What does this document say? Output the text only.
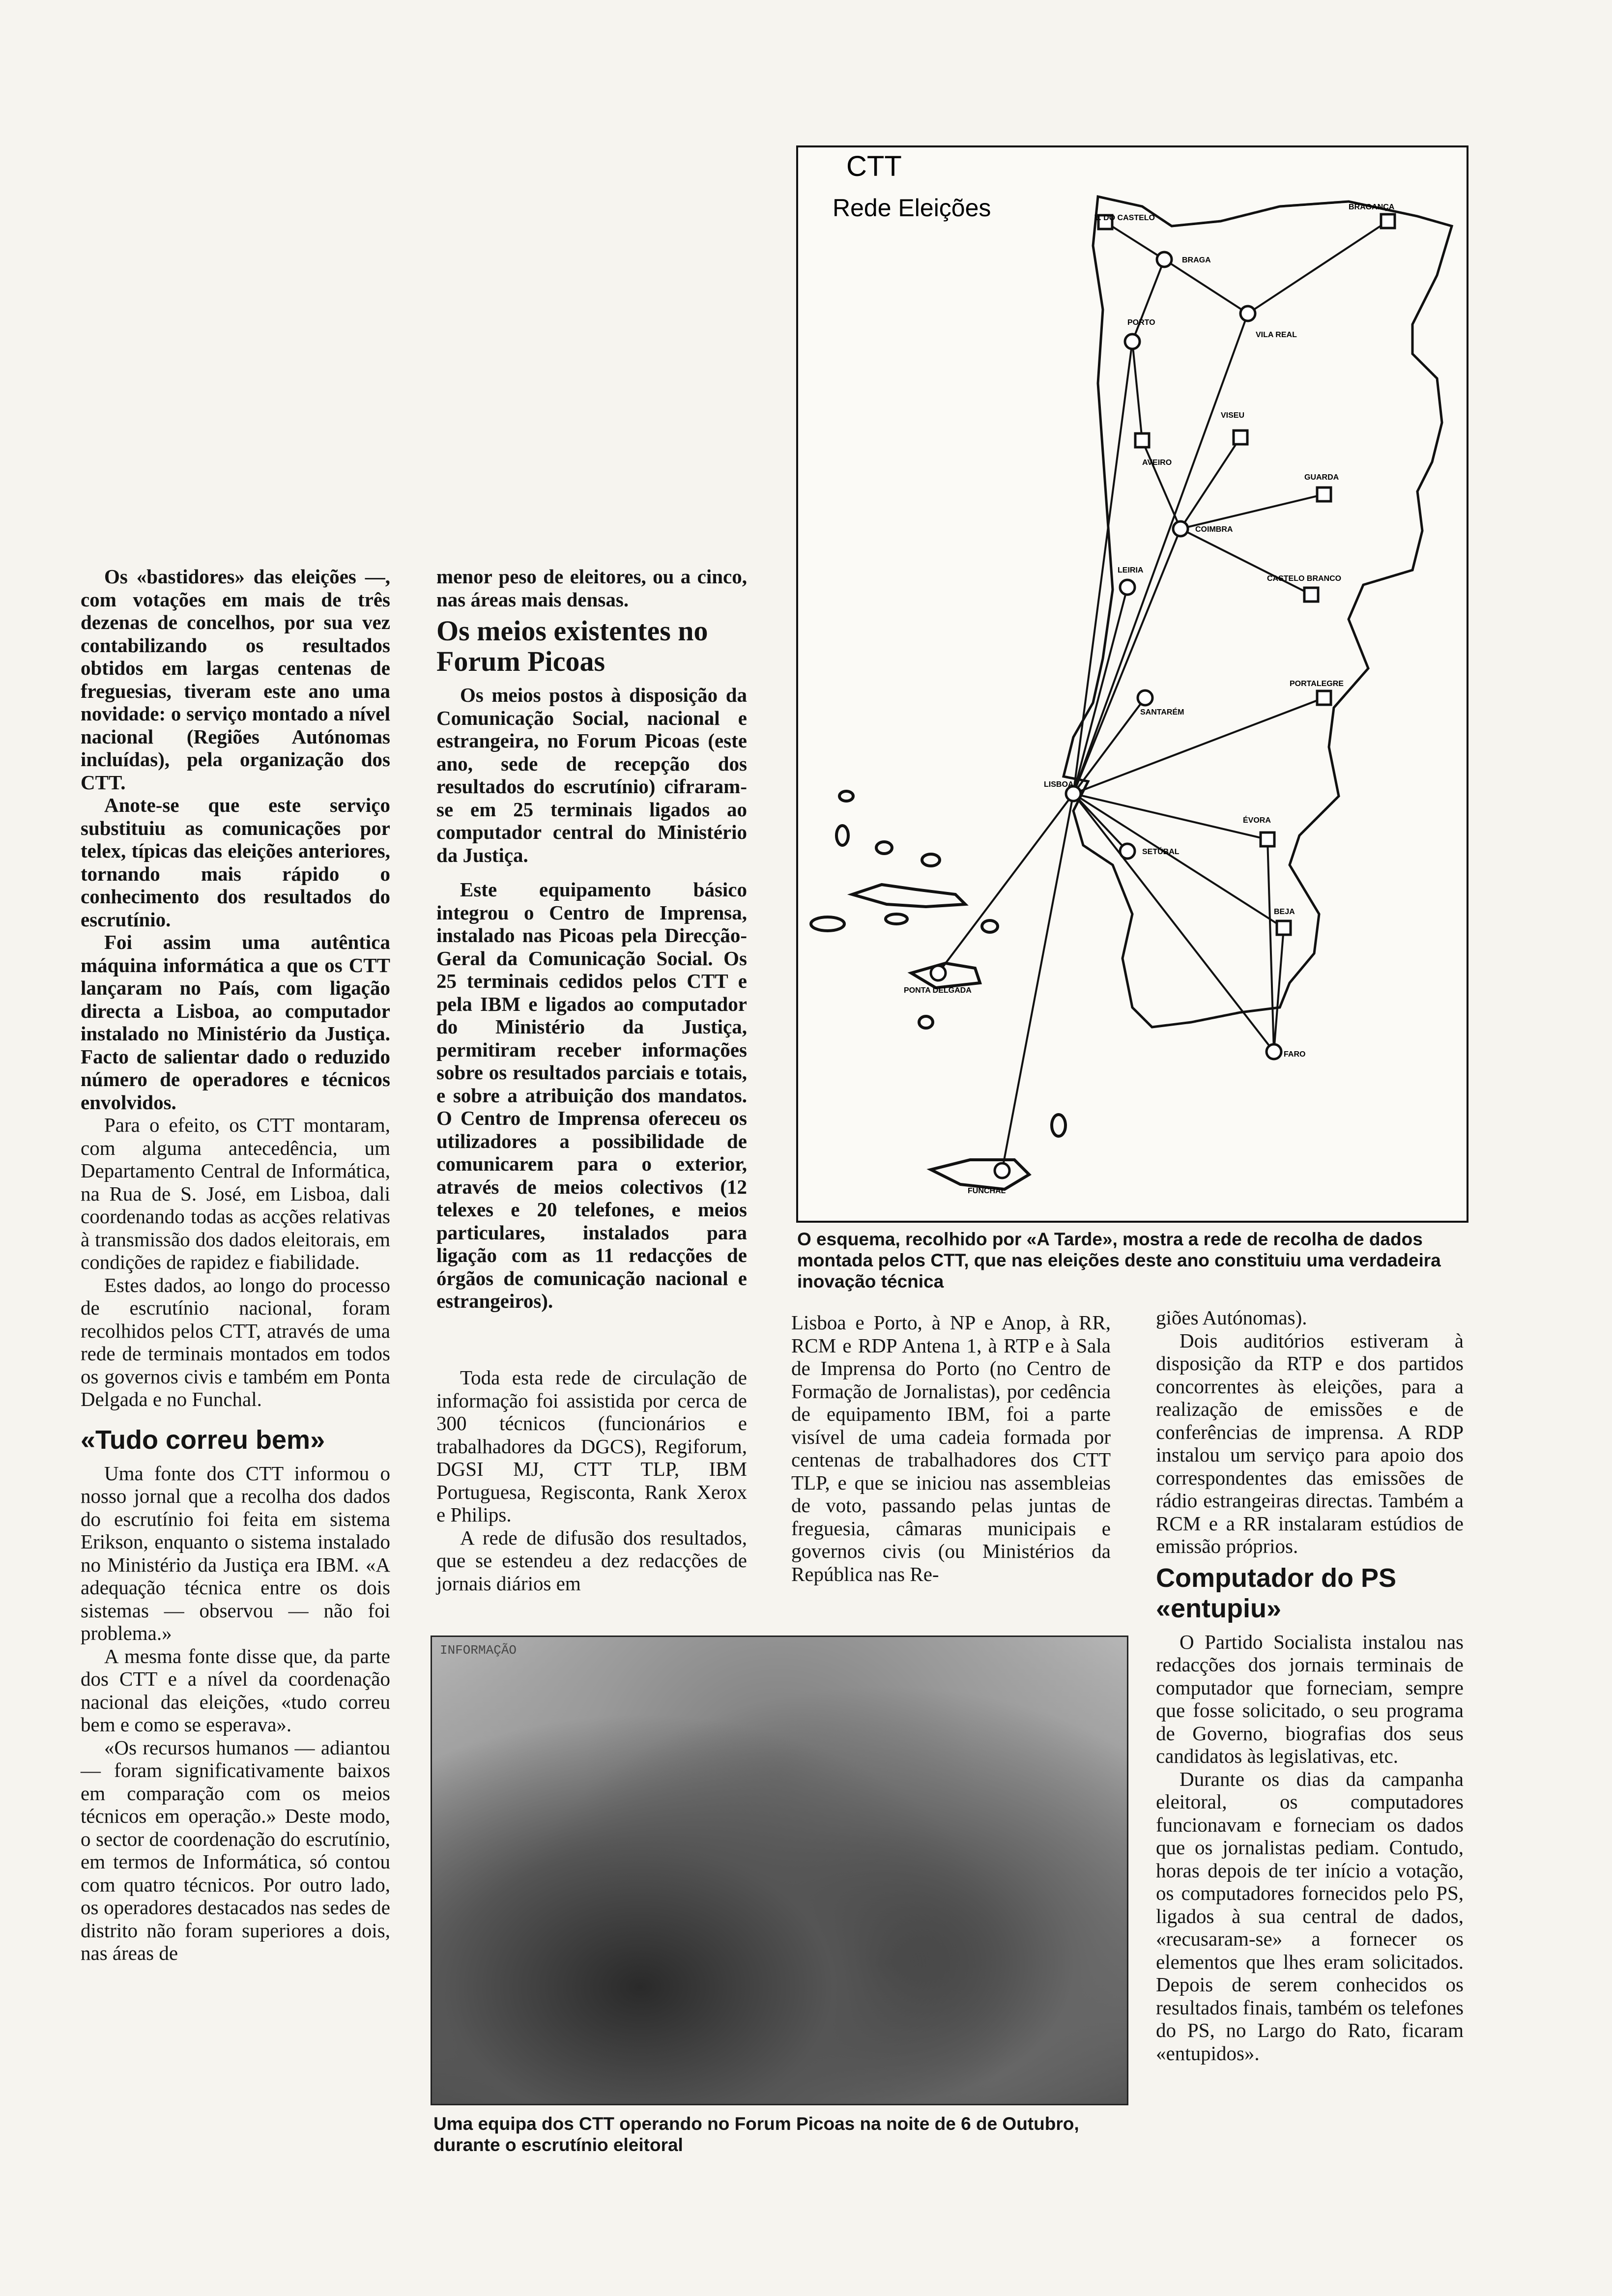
CTT
Rede Eleições
LISBOA
V. DO CASTELO
BRAGA
PORTO
VILA REAL
BRAGANÇA
AVEIRO
VISEU
GUARDA
COIMBRA
CASTELO BRANCO
LEIRIA
SANTARÉM
PORTALEGRE
SETÚBAL
ÉVORA
BEJA
FARO
PONTA DELGADA
FUNCHAL
O esquema, recolhido por «A Tarde», mostra a rede de recolha de dados montada pelos CTT, que nas eleições deste ano constituiu uma verdadeira inovação técnica

Os «bastidores» das eleições —, com votações em mais de três dezenas de concelhos, por sua vez contabilizando os resultados obtidos em largas centenas de freguesias, tiveram este ano uma novidade: o serviço montado a nível nacional (Regiões Autónomas incluídas), pela organização dos CTT.

Anote-se que este serviço substituiu as comunicações por telex, típicas das eleições anteriores, tornando mais rápido o conhecimento dos resultados do escrutínio.

Foi assim uma autêntica máquina informática a que os CTT lançaram no País, com ligação directa a Lisboa, ao computador instalado no Ministério da Justiça. Facto de salientar dado o reduzido número de operadores e técnicos envolvidos.

Para o efeito, os CTT montaram, com alguma antecedência, um Departamento Central de Informática, na Rua de S. José, em Lisboa, dali coordenando todas as acções relativas à transmissão dos dados eleitorais, em condições de rapidez e fiabilidade.

Estes dados, ao longo do processo de escrutínio nacional, foram recolhidos pelos CTT, através de uma rede de terminais montados em todos os governos civis e também em Ponta Delgada e no Funchal.

«Tudo correu bem»

Uma fonte dos CTT informou o nosso jornal que a recolha dos dados do escrutínio foi feita em sistema Erikson, enquanto o sistema instalado no Ministério da Justiça era IBM. «A adequação técnica entre os dois sistemas — observou — não foi problema.»

A mesma fonte disse que, da parte dos CTT e a nível da coordenação nacional das eleições, «tudo correu bem e como se esperava».

«Os recursos humanos — adiantou — foram significativamente baixos em comparação com os meios técnicos em operação.» Deste modo, o sector de coordenação do escrutínio, em termos de Informática, só contou com quatro técnicos. Por outro lado, os operadores destacados nas sedes de distrito não foram superiores a dois, nas áreas de

menor peso de eleitores, ou a cinco, nas áreas mais densas.

Os meios existentes no Forum Picoas

Os meios postos à disposição da Comunicação Social, nacional e estrangeira, no Forum Picoas (este ano, sede de recepção dos resultados do escrutínio) cifraram-se em 25 terminais ligados ao computador central do Ministério da Justiça.

Este equipamento básico integrou o Centro de Imprensa, instalado nas Picoas pela Direcção-Geral da Comunicação Social. Os 25 terminais cedidos pelos CTT e pela IBM e ligados ao computador do Ministério da Justiça, permitiram receber informações sobre os resultados parciais e totais, e sobre a atribuição dos mandatos. O Centro de Imprensa ofereceu os utilizadores a possibilidade de comunicarem para o exterior, através de meios colectivos (12 telexes e 20 telefones, e meios particulares, instalados para ligação com as 11 redacções de órgãos de comunicação nacional e estrangeiros).

Toda esta rede de circulação de informação foi assistida por cerca de 300 técnicos (funcionários e trabalhadores da DGCS), Regiforum, DGSI MJ, CTT TLP, IBM Portuguesa, Regisconta, Rank Xerox e Philips.

A rede de difusão dos resultados, que se estendeu a dez redacções de jornais diários em

Lisboa e Porto, à NP e Anop, à RR, RCM e RDP Antena 1, à RTP e à Sala de Imprensa do Porto (no Centro de Formação de Jornalistas), por cedência de equipamento IBM, foi a parte visível de uma cadeia formada por centenas de trabalhadores dos CTT TLP, e que se iniciou nas assembleias de voto, passando pelas juntas de freguesia, câmaras municipais e governos civis (ou Ministérios da República nas Re-

giões Autónomas).

Dois auditórios estiveram à disposição da RTP e dos partidos concorrentes às eleições, para a realização de emissões e de conferências de imprensa. A RDP instalou um serviço para apoio dos correspondentes das emissões de rádio estrangeiras directas. Também a RCM e a RR instalaram estúdios de emissão próprios.

Computador do PS «entupiu»

O Partido Socialista instalou nas redacções dos jornais terminais de computador que forneciam, sempre que fosse solicitado, o seu programa de Governo, biografias dos seus candidatos às legislativas, etc.

Durante os dias da campanha eleitoral, os computadores funcionavam e forneciam os dados que os jornalistas pediam. Contudo, horas depois de ter início a votação, os computadores fornecidos pelo PS, ligados à sua central de dados, «recusaram-se» a fornecer os elementos que lhes eram solicitados. Depois de serem conhecidos os resultados finais, também os telefones do PS, no Largo do Rato, ficaram «entupidos».

INFORMAÇÃO
Uma equipa dos CTT operando no Forum Picoas na noite de 6 de Outubro, durante o escrutínio eleitoral
